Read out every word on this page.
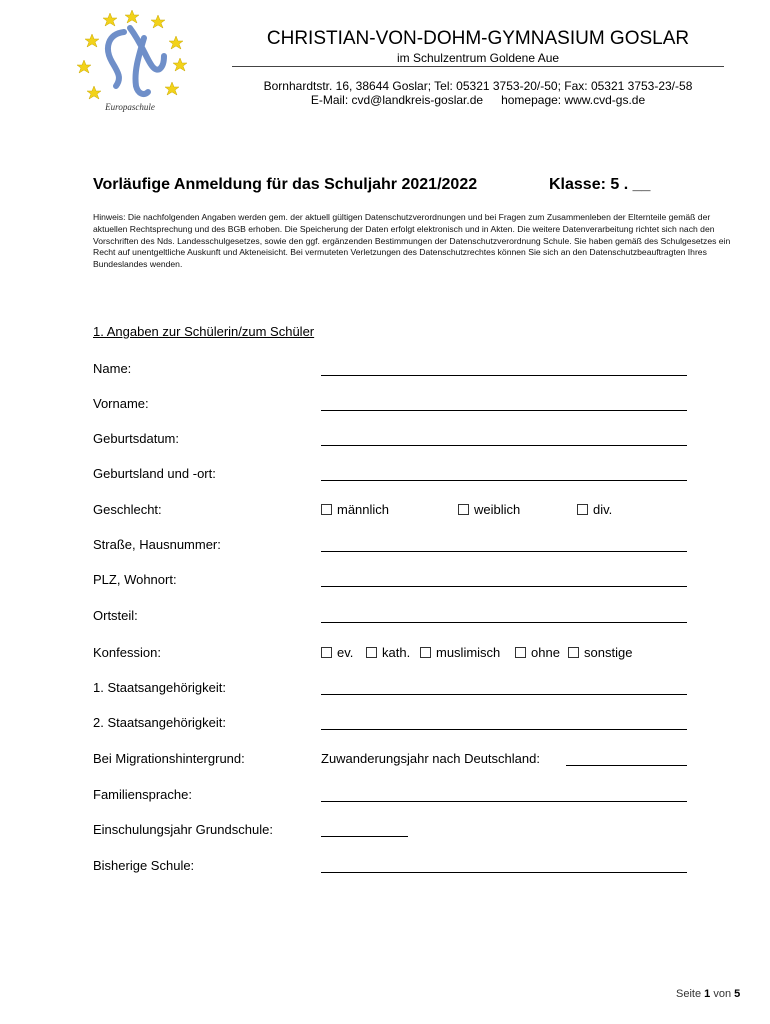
Europaschule
CHRISTIAN-VON-DOHM-GYMNASIUM GOSLAR
im Schulzentrum Goldene Aue
Bornhardtstr. 16, 38644 Goslar; Tel: 05321 3753-20/-50; Fax: 05321 3753-23/-58
E-Mail: cvd@landkreis-goslar.de homepage: www.cvd-gs.de
Vorläufige Anmeldung für das Schuljahr 2021/2022	Klasse: 5 . __
Hinweis: Die nachfolgenden Angaben werden gem. der aktuell gültigen Datenschutzverordnungen und bei Fragen zum Zusammenleben der Elternteile gemäß der aktuellen Rechtsprechung und des BGB erhoben. Die Speicherung der Daten erfolgt elektronisch und in Akten. Die weitere Datenverarbeitung richtet sich nach den Vorschriften des Nds. Landesschulgesetzes, sowie den ggf. ergänzenden Bestimmungen der Datenschutzverordnung Schule. Sie haben gemäß des Schulgesetzes ein Recht auf unentgeltliche Auskunft und Akteneisicht. Bei vermuteten Verletzungen des Datenschutzrechtes können Sie sich an den Datenschutzbeauftragten Ihres Bundeslandes wenden.
1. Angaben zur Schülerin/zum Schüler
Name:
Vorname:
Geburtsdatum:
Geburtsland und -ort:
Geschlecht:	männlich	weiblich	div.
Straße, Hausnummer:
PLZ, Wohnort:
Ortsteil:
Konfession:	ev.	kath.	muslimisch	ohne	sonstige
1. Staatsangehörigkeit:
2. Staatsangehörigkeit:
Bei Migrationshintergrund:	Zuwanderungsjahr nach Deutschland:
Familiensprache:
Einschulungsjahr Grundschule:
Bisherige Schule:
Seite 1 von 5
